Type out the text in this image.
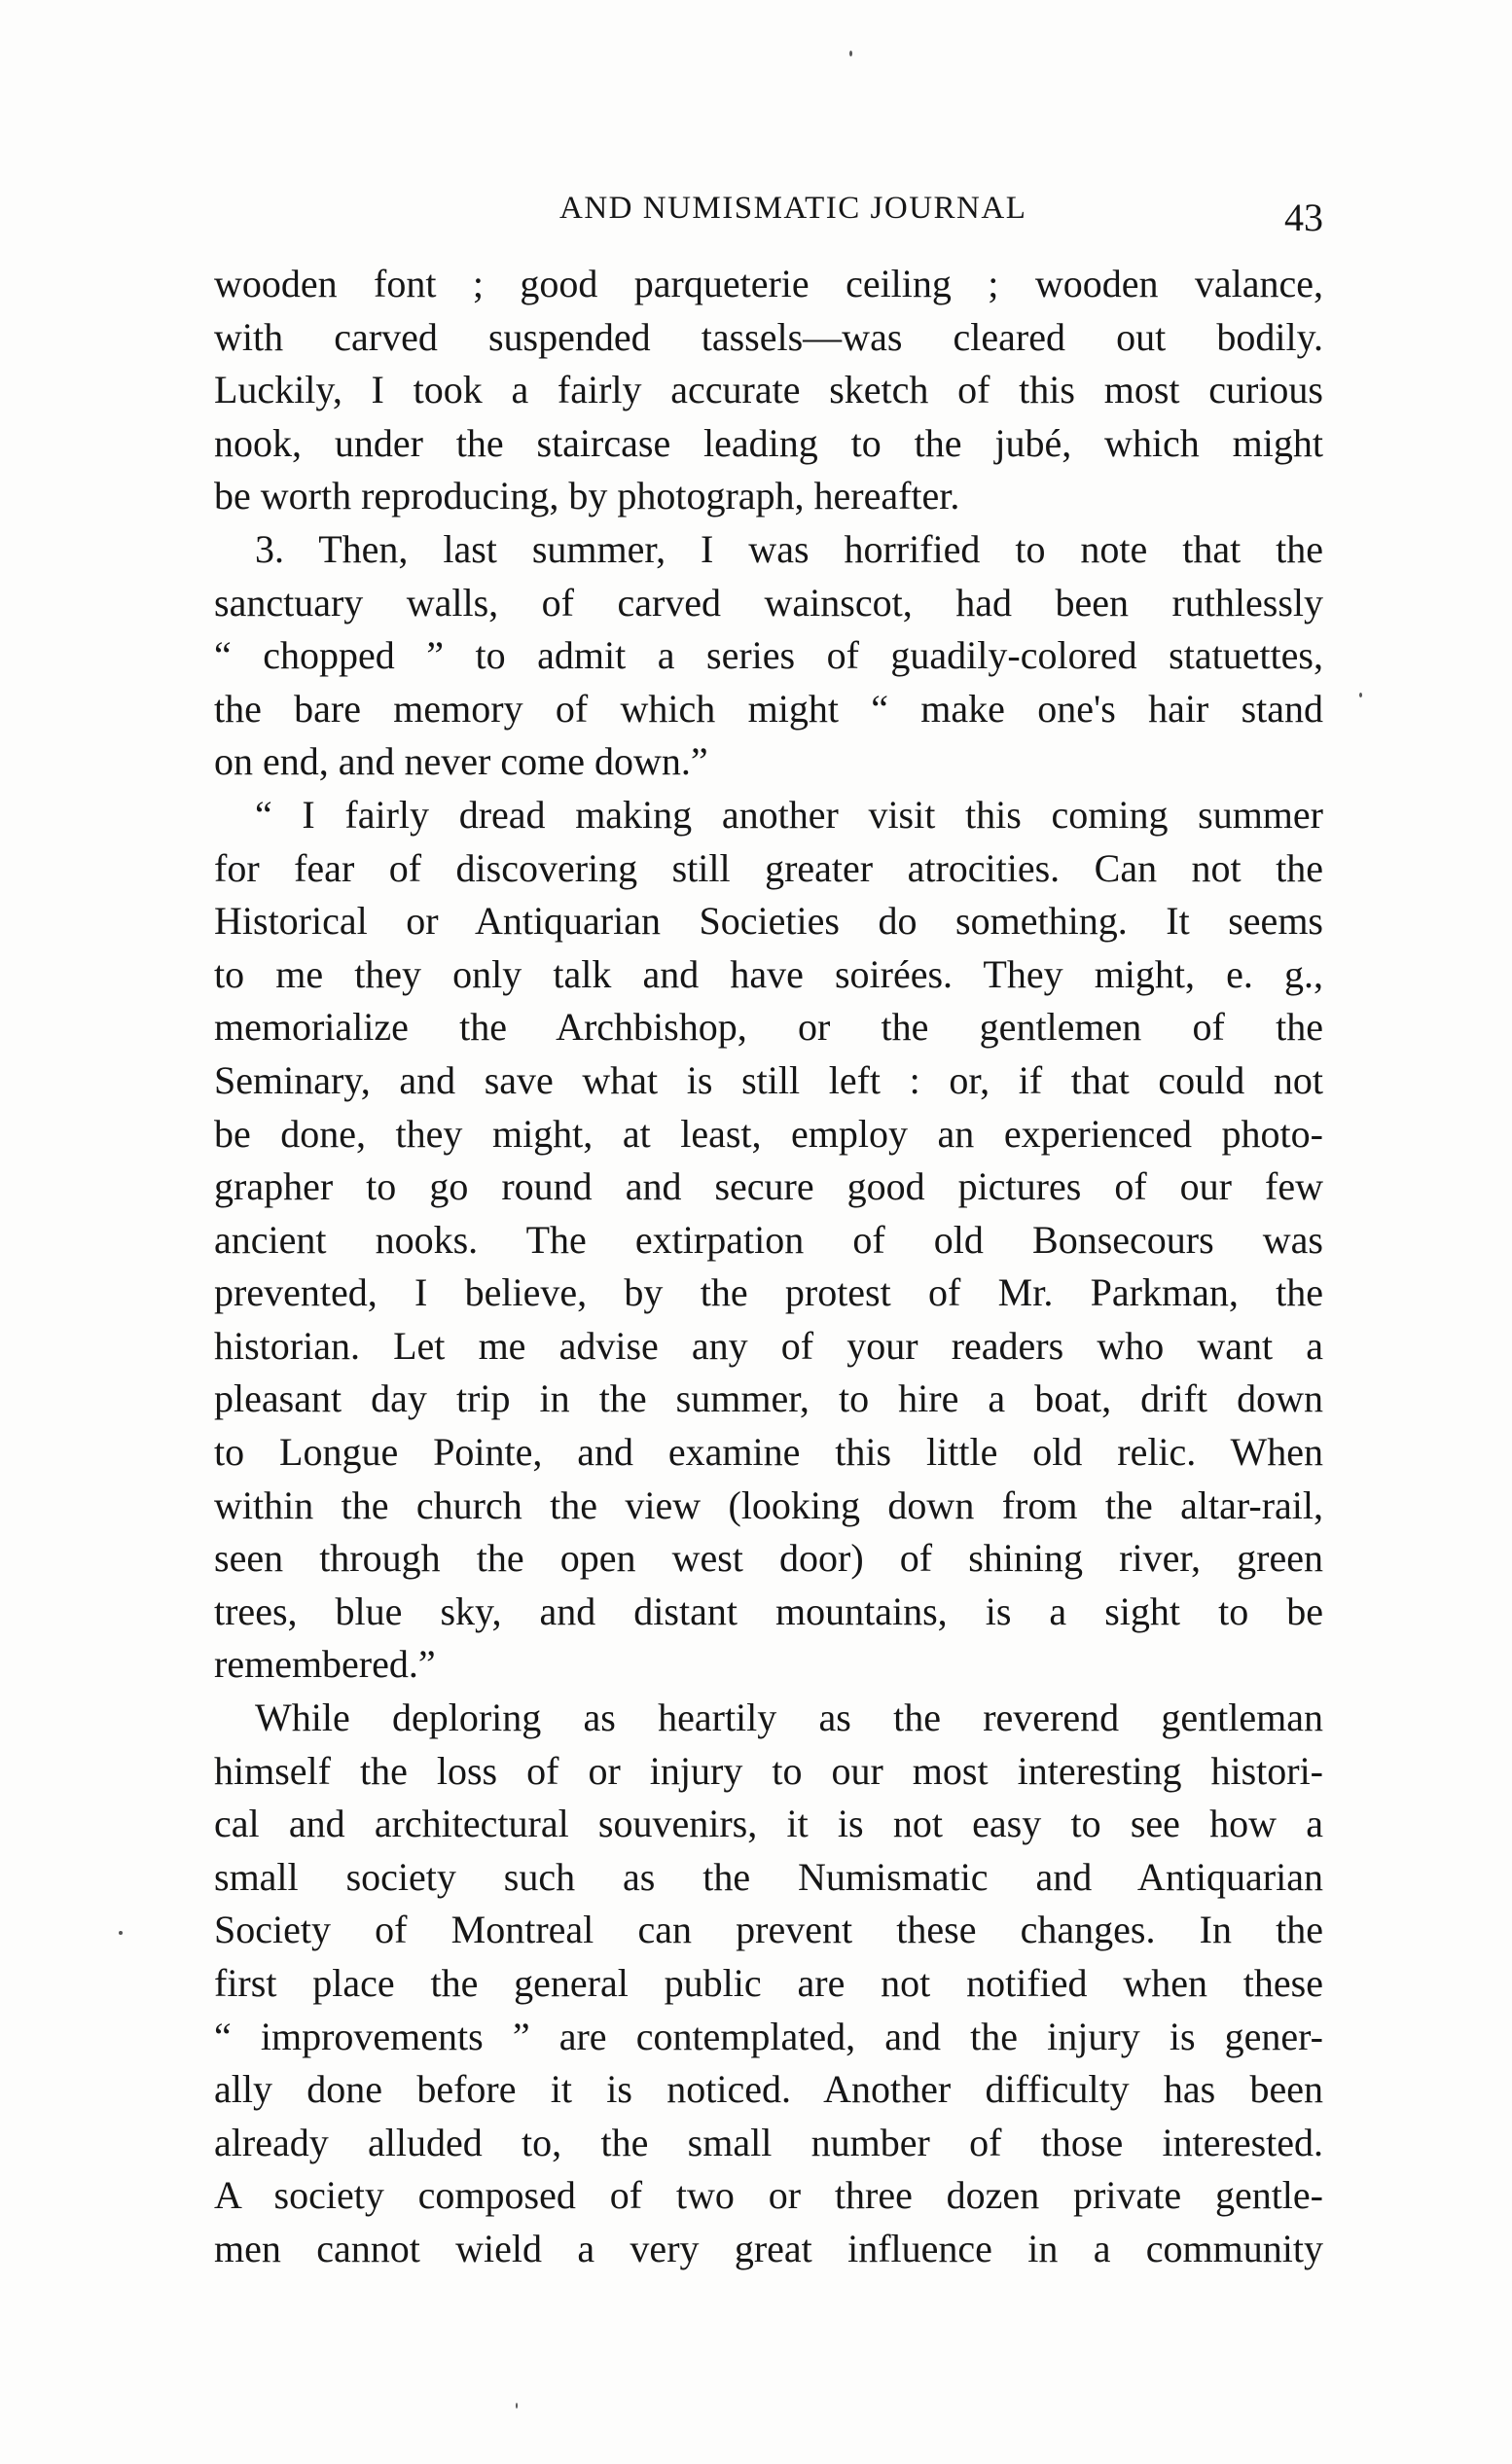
AND NUMISMATIC JOURNAL	43
wooden font ; good parqueterie ceiling ; wooden valance,
with carved suspended tassels—was cleared out bodily.
Luckily, I took a fairly accurate sketch of this most curious
nook, under the staircase leading to the jubé, which might
be worth reproducing, by photograph, hereafter.
3. Then, last summer, I was horrified to note that the
sanctuary walls, of carved wainscot, had been ruthlessly
“ chopped ” to admit a series of guadily-colored statuettes,
the bare memory of which might “ make one's hair stand
on end, and never come down.”
“ I fairly dread making another visit this coming summer
for fear of discovering still greater atrocities. Can not the
Historical or Antiquarian Societies do something. It seems
to me they only talk and have soirées. They might, e. g.,
memorialize the Archbishop, or the gentlemen of the
Seminary, and save what is still left : or, if that could not
be done, they might, at least, employ an experienced photo-
grapher to go round and secure good pictures of our few
ancient nooks. The extirpation of old Bonsecours was
prevented, I believe, by the protest of Mr. Parkman, the
historian. Let me advise any of your readers who want a
pleasant day trip in the summer, to hire a boat, drift down
to Longue Pointe, and examine this little old relic. When
within the church the view (looking down from the altar-rail,
seen through the open west door) of shining river, green
trees, blue sky, and distant mountains, is a sight to be
remembered.”
While deploring as heartily as the reverend gentleman
himself the loss of or injury to our most interesting histori-
cal and architectural souvenirs, it is not easy to see how a
small society such as the Numismatic and Antiquarian
Society of Montreal can prevent these changes. In the
first place the general public are not notified when these
“ improvements ” are contemplated, and the injury is gener-
ally done before it is noticed. Another difficulty has been
already alluded to, the small number of those interested.
A society composed of two or three dozen private gentle-
men cannot wield a very great influence in a community
